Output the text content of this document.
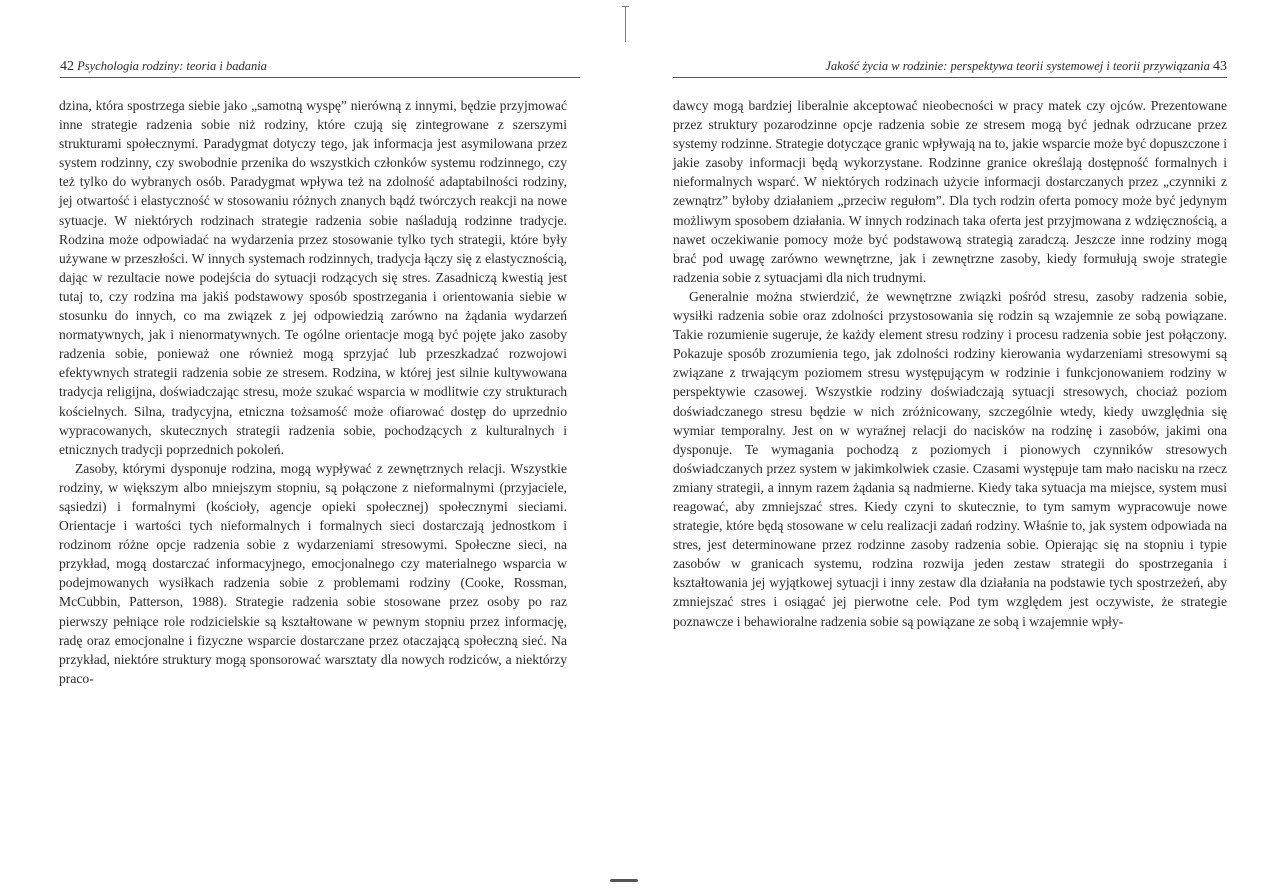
42 Psychologia rodziny: teoria i badania

dzina, która spostrzega siebie jako „samotną wyspę” nierówną z innymi, będzie przyjmować inne strategie radzenia sobie niż rodziny, które czują się zintegrowane z szerszymi strukturami społecznymi. Paradygmat dotyczy tego, jak informacja jest asymilowana przez system rodzinny, czy swobodnie przenika do wszystkich członków systemu rodzinnego, czy też tylko do wybranych osób. Paradygmat wpływa też na zdolność adaptabilności rodziny, jej otwartość i elastyczność w stosowaniu różnych znanych bądź twórczych reakcji na nowe sytuacje. W niektórych rodzinach strategie radzenia sobie naśladują rodzinne tradycje. Rodzina może odpowiadać na wydarzenia przez stosowanie tylko tych strategii, które były używane w przeszłości. W innych systemach rodzinnych, tradycja łączy się z elastycznością, dając w rezultacie nowe podejścia do sytuacji rodzących się stres. Zasadniczą kwestią jest tutaj to, czy rodzina ma jakiś podstawowy sposób spostrzegania i orientowania siebie w stosunku do innych, co ma związek z jej odpowiedzią zarówno na żądania wydarzeń normatywnych, jak i nienormatywnych. Te ogólne orientacje mogą być pojęte jako zasoby radzenia sobie, ponieważ one również mogą sprzyjać lub przeszkadzać rozwojowi efektywnych strategii radzenia sobie ze stresem. Rodzina, w której jest silnie kultywowana tradycja religijna, doświadczając stresu, może szukać wsparcia w modlitwie czy strukturach kościelnych. Silna, tradycyjna, etniczna tożsamość może ofiarować dostęp do uprzednio wypracowanych, skutecznych strategii radzenia sobie, pochodzących z kulturalnych i etnicznych tradycji poprzednich pokoleń.

Zasoby, którymi dysponuje rodzina, mogą wypływać z zewnętrznych relacji. Wszystkie rodziny, w większym albo mniejszym stopniu, są połączone z nieformalnymi (przyjaciele, sąsiedzi) i formalnymi (kościoły, agencje opieki społecznej) społecznymi sieciami. Orientacje i wartości tych nieformalnych i formalnych sieci dostarczają jednostkom i rodzinom różne opcje radzenia sobie z wydarzeniami stresowymi. Społeczne sieci, na przykład, mogą dostarczać informacyjnego, emocjonalnego czy materialnego wsparcia w podejmowanych wysiłkach radzenia sobie z problemami rodziny (Cooke, Rossman, McCubbin, Patterson, 1988). Strategie radzenia sobie stosowane przez osoby po raz pierwszy pełniące role rodzicielskie są kształtowane w pewnym stopniu przez informację, radę oraz emocjonalne i fizyczne wsparcie dostarczane przez otaczającą społeczną sieć. Na przykład, niektóre struktury mogą sponsorować warsztaty dla nowych rodziców, a niektórzy praco-

Jakość życia w rodzinie: perspektywa teorii systemowej i teorii przywiązania 43

dawcy mogą bardziej liberalnie akceptować nieobecności w pracy matek czy ojców. Prezentowane przez struktury pozarodzinne opcje radzenia sobie ze stresem mogą być jednak odrzucane przez systemy rodzinne. Strategie dotyczące granic wpływają na to, jakie wsparcie może być dopuszczone i jakie zasoby informacji będą wykorzystane. Rodzinne granice określają dostępność formalnych i nieformalnych wsparć. W niektórych rodzinach użycie informacji dostarczanych przez „czynniki z zewnątrz” byłoby działaniem „przeciw regułom”. Dla tych rodzin oferta pomocy może być jedynym możliwym sposobem działania. W innych rodzinach taka oferta jest przyjmowana z wdzięcznością, a nawet oczekiwanie pomocy może być podstawową strategią zaradczą. Jeszcze inne rodziny mogą brać pod uwagę zarówno wewnętrzne, jak i zewnętrzne zasoby, kiedy formułują swoje strategie radzenia sobie z sytuacjami dla nich trudnymi.

Generalnie można stwierdzić, że wewnętrzne związki pośród stresu, zasoby radzenia sobie, wysiłki radzenia sobie oraz zdolności przystosowania się rodzin są wzajemnie ze sobą powiązane. Takie rozumienie sugeruje, że każdy element stresu rodziny i procesu radzenia sobie jest połączony. Pokazuje sposób zrozumienia tego, jak zdolności rodziny kierowania wydarzeniami stresowymi są związane z trwającym poziomem stresu występującym w rodzinie i funkcjonowaniem rodziny w perspektywie czasowej. Wszystkie rodziny doświadczają sytuacji stresowych, chociaż poziom doświadczanego stresu będzie w nich zróżnicowany, szczególnie wtedy, kiedy uwzględnia się wymiar temporalny. Jest on w wyraźnej relacji do nacisków na rodzinę i zasobów, jakimi ona dysponuje. Te wymagania pochodzą z poziomych i pionowych czynników stresowych doświadczanych przez system w jakimkolwiek czasie. Czasami występuje tam mało nacisku na rzecz zmiany strategii, a innym razem żądania są nadmierne. Kiedy taka sytuacja ma miejsce, system musi reagować, aby zmniejszać stres. Kiedy czyni to skutecznie, to tym samym wypracowuje nowe strategie, które będą stosowane w celu realizacji zadań rodziny. Właśnie to, jak system odpowiada na stres, jest determinowane przez rodzinne zasoby radzenia sobie. Opierając się na stopniu i typie zasobów w granicach systemu, rodzina rozwija jeden zestaw strategii do spostrzegania i kształtowania jej wyjątkowej sytuacji i inny zestaw dla działania na podstawie tych spostrzeżeń, aby zmniejszać stres i osiągać jej pierwotne cele. Pod tym względem jest oczywiste, że strategie poznawcze i behawioralne radzenia sobie są powiązane ze sobą i wzajemnie wpły-
